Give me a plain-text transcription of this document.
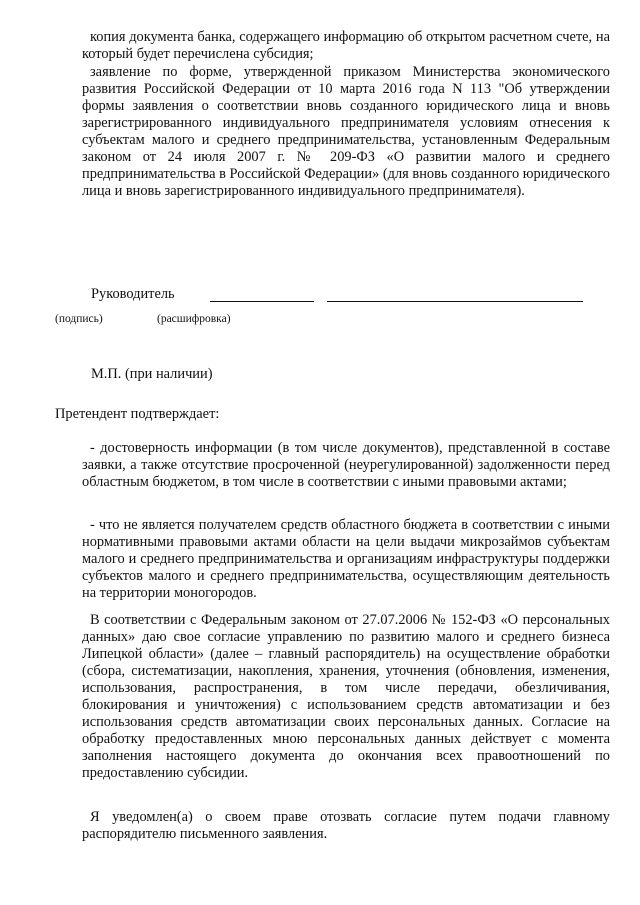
копия документа банка, содержащего информацию об открытом расчетном счете, на который будет перечислена субсидия;

заявление по форме, утвержденной приказом Министерства экономического развития Российской Федерации от 10 марта 2016 года N 113 "Об утверждении формы заявления о соответствии вновь созданного юридического лица и вновь зарегистрированного индивидуального предпринимателя условиям отнесения к субъектам малого и среднего предпринимательства, установленным Федеральным законом от 24 июля 2007 г. № 209-ФЗ «О развитии малого и среднего предпринимательства в Российской Федерации» (для вновь созданного юридического лица и вновь зарегистрированного индивидуального предпринимателя).

Руководитель
(подпись)	(расшифровка)
М.П. (при наличии)
Претендент подтверждает:

- достоверность информации (в том числе документов), представленной в составе заявки, а также отсутствие просроченной (неурегулированной) задолженности перед областным бюджетом, в том числе в соответствии с иными правовыми актами;

- что не является получателем средств областного бюджета в соответствии с иными нормативными правовыми актами области на цели выдачи микрозаймов субъектам малого и среднего предпринимательства и организациям инфраструктуры поддержки субъектов малого и среднего предпринимательства, осуществляющим деятельность на территории моногородов.

В соответствии с Федеральным законом от 27.07.2006 № 152-ФЗ «О персональных данных» даю свое согласие управлению по развитию малого и среднего бизнеса Липецкой области» (далее – главный распорядитель) на осуществление обработки (сбора, систематизации, накопления, хранения, уточнения (обновления, изменения, использования, распространения, в том числе передачи, обезличивания, блокирования и уничтожения) с использованием средств автоматизации и без использования средств автоматизации своих персональных данных. Согласие на обработку предоставленных мною персональных данных действует с момента заполнения настоящего документа до окончания всех правоотношений по предоставлению субсидии.

Я уведомлен(а) о своем праве отозвать согласие путем подачи главному распорядителю письменного заявления.
